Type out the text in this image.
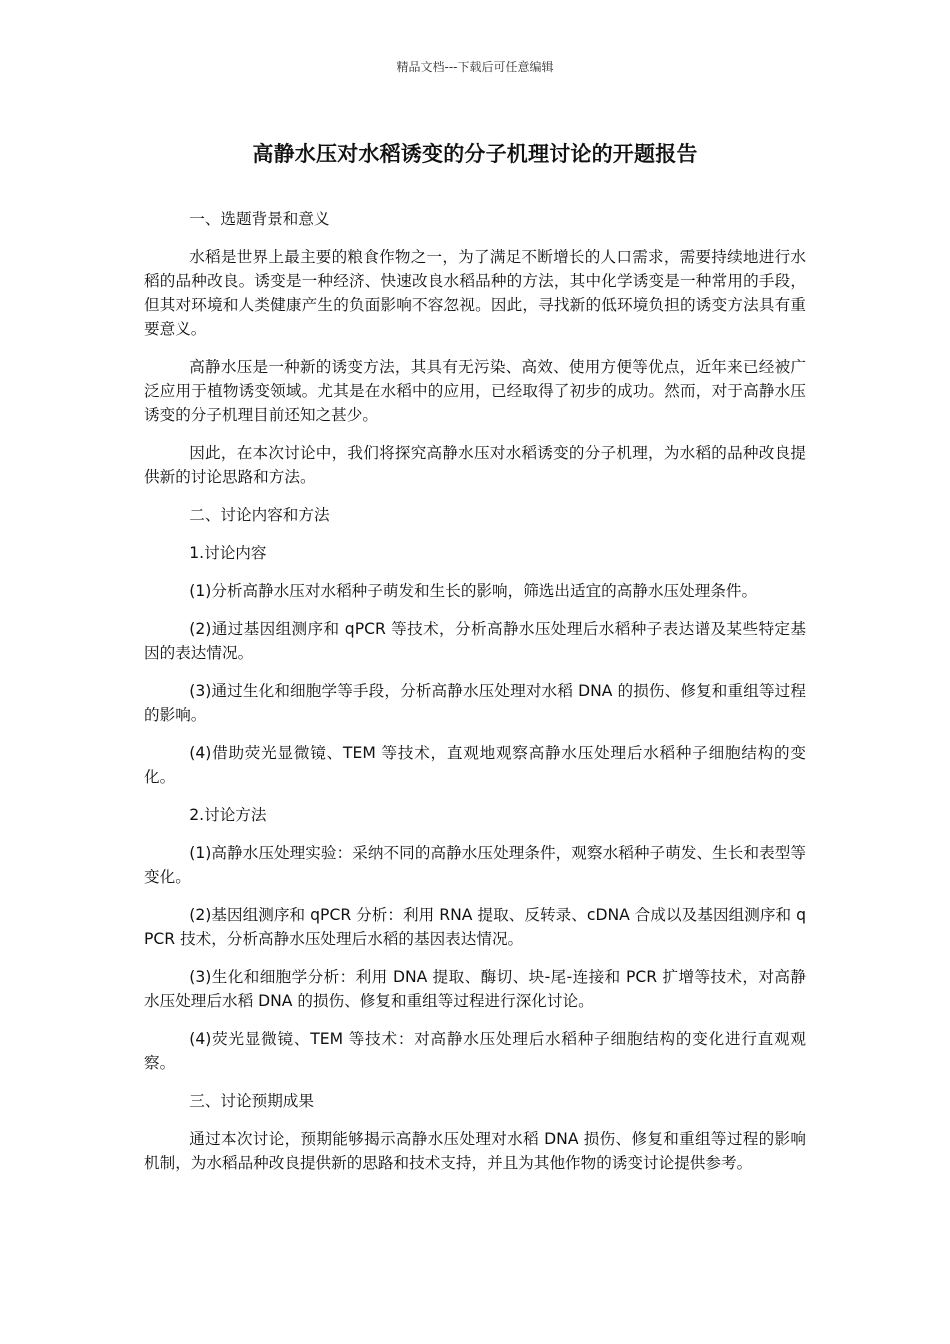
精品文档---下载后可任意编辑
高静水压对水稻诱变的分子机理讨论的开题报告

一、选题背景和意义

水稻是世界上最主要的粮食作物之一，为了满足不断增长的人口需求，需要持续地进行水稻的品种改良。诱变是一种经济、快速改良水稻品种的方法，其中化学诱变是一种常用的手段，但其对环境和人类健康产生的负面影响不容忽视。因此，寻找新的低环境负担的诱变方法具有重要意义。

高静水压是一种新的诱变方法，其具有无污染、高效、使用方便等优点，近年来已经被广泛应用于植物诱变领域。尤其是在水稻中的应用，已经取得了初步的成功。然而，对于高静水压诱变的分子机理目前还知之甚少。

因此，在本次讨论中，我们将探究高静水压对水稻诱变的分子机理，为水稻的品种改良提供新的讨论思路和方法。

二、讨论内容和方法

1.讨论内容

(1)分析高静水压对水稻种子萌发和生长的影响，筛选出适宜的高静水压处理条件。

(2)通过基因组测序和 qPCR 等技术，分析高静水压处理后水稻种子表达谱及某些特定基因的表达情况。

(3)通过生化和细胞学等手段，分析高静水压处理对水稻 DNA 的损伤、修复和重组等过程的影响。

(4)借助荧光显微镜、TEM 等技术，直观地观察高静水压处理后水稻种子细胞结构的变化。

2.讨论方法

(1)高静水压处理实验：采纳不同的高静水压处理条件，观察水稻种子萌发、生长和表型等变化。

(2)基因组测序和 qPCR 分析：利用 RNA 提取、反转录、cDNA 合成以及基因组测序和 qPCR 技术，分析高静水压处理后水稻的基因表达情况。

(3)生化和细胞学分析：利用 DNA 提取、酶切、块-尾-连接和 PCR 扩增等技术，对高静水压处理后水稻 DNA 的损伤、修复和重组等过程进行深化讨论。

(4)荧光显微镜、TEM 等技术：对高静水压处理后水稻种子细胞结构的变化进行直观观察。

三、讨论预期成果

通过本次讨论，预期能够揭示高静水压处理对水稻 DNA 损伤、修复和重组等过程的影响机制，为水稻品种改良提供新的思路和技术支持，并且为其他作物的诱变讨论提供参考。
